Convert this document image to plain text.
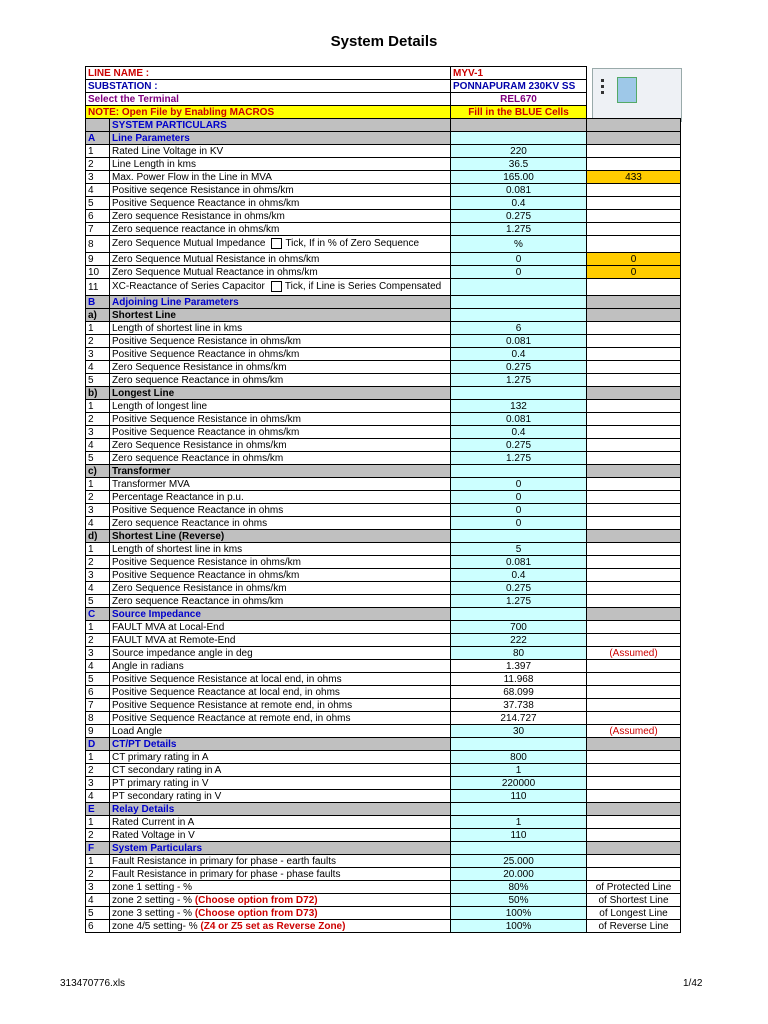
System Details
LINE NAME :		MYV-1	
SUBSTATION :		PONNAPURAM 230KV SS	
Select the Terminal		REL670	
NOTE: Open File by Enabling MACROS		Fill in the BLUE Cells	
	SYSTEM PARTICULARS		
A	Line Parameters		
1	Rated Line Voltage in KV	220	
2	Line Length in kms	36.5	
3	Max. Power Flow in the Line in MVA	165.00	433
4	Positive seqence Resistance in ohms/km	0.081	
5	Positive Sequence Reactance in ohms/km	0.4	
6	Zero sequence Resistance in ohms/km	0.275	
7	Zero sequence reactance in ohms/km	1.275	
8	Zero Sequence Mutual Impedance Tick, If in % of Zero Sequence	%	
9	Zero Sequence Mutual Resistance in ohms/km	0	0
10	Zero Sequence Mutual Reactance in ohms/km	0	0
11	XC-Reactance of Series Capacitor Tick, if Line is Series Compensated		
B	Adjoining Line Parameters		
a)	Shortest Line		
1	Length of shortest line in kms	6	
2	Positive Sequence Resistance in ohms/km	0.081	
3	Positive Sequence Reactance in ohms/km	0.4	
4	Zero Sequence Resistance in ohms/km	0.275	
5	Zero sequence Reactance in ohms/km	1.275	
b)	Longest Line		
1	Length of longest line	132	
2	Positive Sequence Resistance in ohms/km	0.081	
3	Positive Sequence Reactance in ohms/km	0.4	
4	Zero Sequence Resistance in ohms/km	0.275	
5	Zero sequence Reactance in ohms/km	1.275	
c)	Transformer		
1	Transformer MVA	0	
2	Percentage Reactance in p.u.	0	
3	Positive Sequence Reactance in ohms	0	
4	Zero sequence Reactance in ohms	0	
d)	Shortest Line (Reverse)		
1	Length of shortest line in kms	5	
2	Positive Sequence Resistance in ohms/km	0.081	
3	Positive Sequence Reactance in ohms/km	0.4	
4	Zero Sequence Resistance in ohms/km	0.275	
5	Zero sequence Reactance in ohms/km	1.275	
C	Source Impedance		
1	FAULT MVA at Local-End	700	
2	FAULT MVA at Remote-End	222	
3	Source impedance angle in deg	80	(Assumed)
4	Angle in radians	1.397	
5	Positive Sequence Resistance at local end, in ohms	11.968	
6	Positive Sequence Reactance at local end, in ohms	68.099	
7	Positive Sequence Resistance at remote end, in ohms	37.738	
8	Positive Sequence Reactance at remote end, in ohms	214.727	
9	Load Angle	30	(Assumed)
D	CT/PT Details		
1	CT primary rating in A	800	
2	CT secondary rating in A	1	
3	PT primary rating in V	220000	
4	PT secondary rating in V	110	
E	Relay Details		
1	Rated Current in A	1	
2	Rated Voltage in V	110	
F	System Particulars		
1	Fault Resistance in primary for phase - earth faults	25.000	
2	Fault Resistance in primary for phase - phase faults	20.000	
3	zone 1 setting - %	80%	of Protected Line
4	zone 2 setting - % (Choose option from D72)	50%	of Shortest Line
5	zone 3 setting - % (Choose option from D73)	100%	of Longest Line
6	zone 4/5 setting- % (Z4 or Z5 set as Reverse Zone)	100%	of Reverse Line
313470776.xls	1/42
